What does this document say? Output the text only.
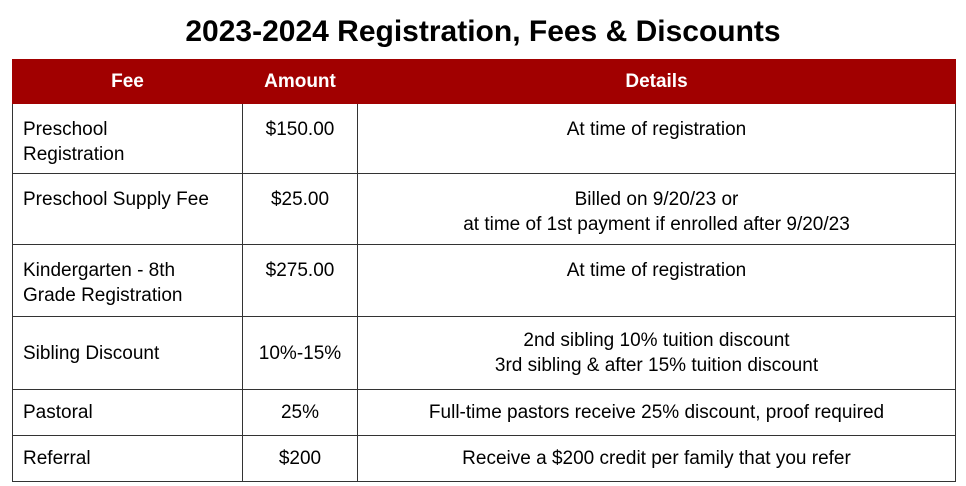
2023-2024 Registration, Fees & Discounts
Fee	Amount	Details

Preschool
Registration	$150.00	At time of registration

Preschool Supply Fee	$25.00	Billed on 9/20/23 or
at time of 1st payment if enrolled after 9/20/23

Kindergarten - 8th
Grade Registration	$275.00	At time of registration

Sibling Discount	10%-15%	2nd sibling 10% tuition discount
3rd sibling & after 15% tuition discount

Pastoral	25%	Full-time pastors receive 25% discount, proof required

Referral	$200	Receive a $200 credit per family that you refer
